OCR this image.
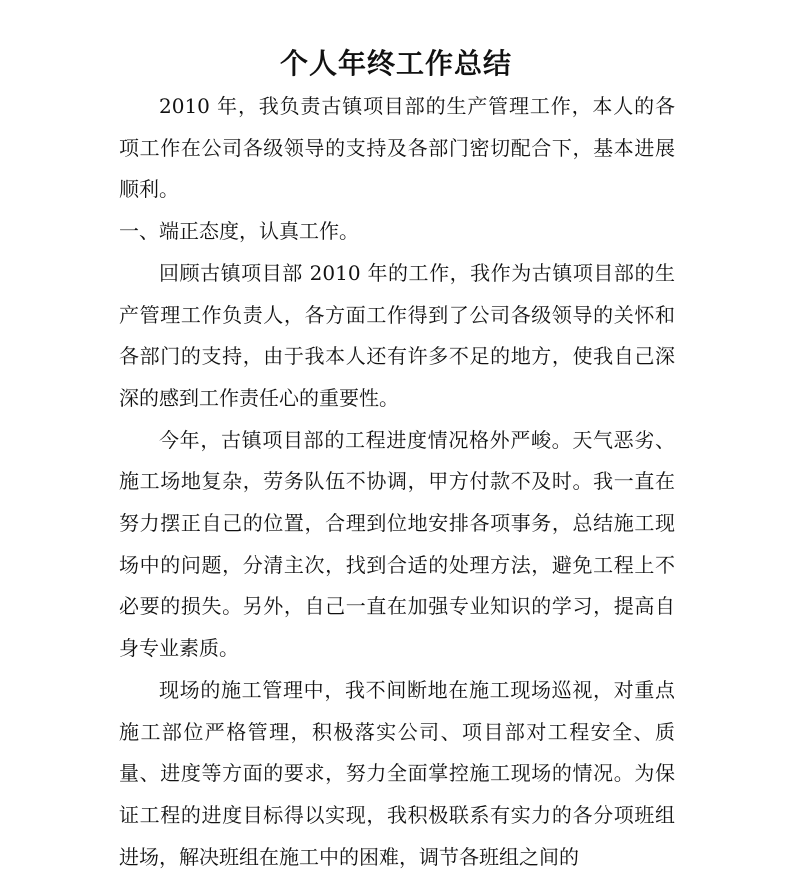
个人年终工作总结

2010 年，我负责古镇项目部的生产管理工作，本人的各项工作在公司各级领导的支持及各部门密切配合下，基本进展顺利。

一、端正态度，认真工作。

回顾古镇项目部 2010 年的工作，我作为古镇项目部的生产管理工作负责人，各方面工作得到了公司各级领导的关怀和各部门的支持，由于我本人还有许多不足的地方，使我自己深深的感到工作责任心的重要性。

今年，古镇项目部的工程进度情况格外严峻。天气恶劣、施工场地复杂，劳务队伍不协调，甲方付款不及时。我一直在努力摆正自己的位置，合理到位地安排各项事务，总结施工现场中的问题，分清主次，找到合适的处理方法，避免工程上不必要的损失。另外，自己一直在加强专业知识的学习，提高自身专业素质。

现场的施工管理中，我不间断地在施工现场巡视，对重点施工部位严格管理，积极落实公司、项目部对工程安全、质量、进度等方面的要求，努力全面掌控施工现场的情况。为保证工程的进度目标得以实现，我积极联系有实力的各分项班组进场，解决班组在施工中的困难，调节各班组之间的
